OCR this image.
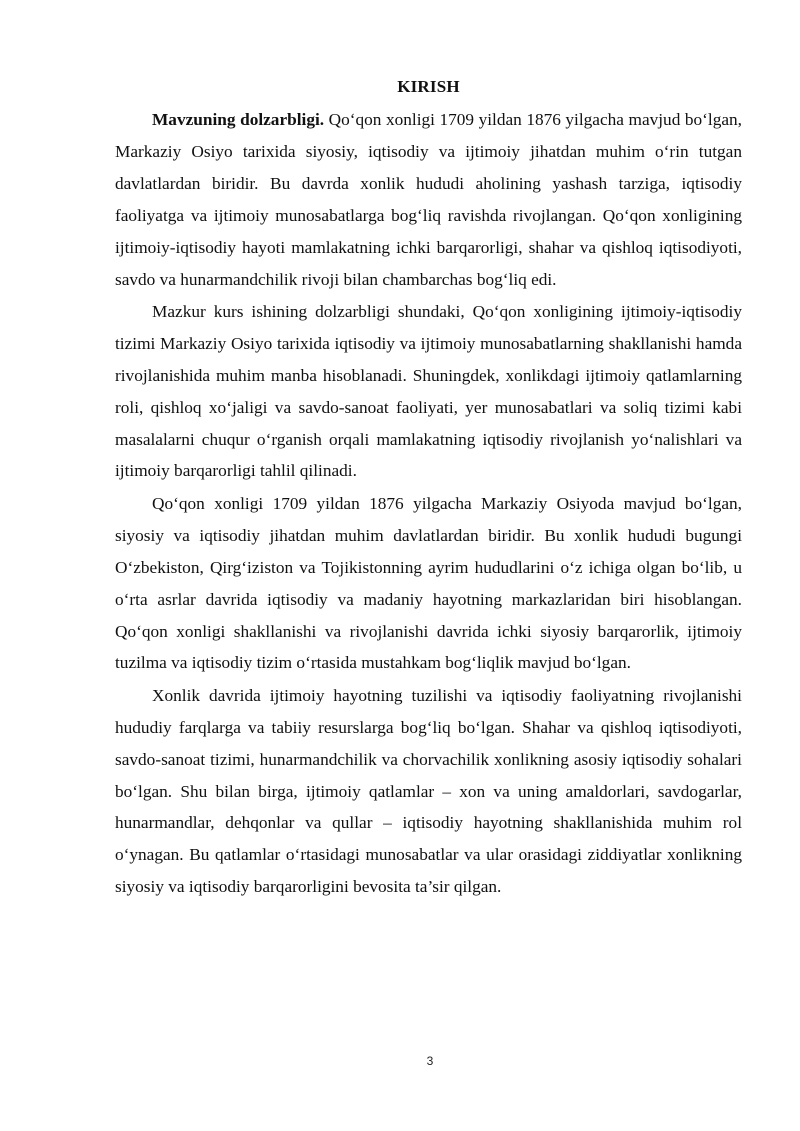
KIRISH

Mavzuning dolzarbligi. Qo‘qon xonligi 1709 yildan 1876 yilgacha mavjud bo‘lgan, Markaziy Osiyo tarixida siyosiy, iqtisodiy va ijtimoiy jihatdan muhim o‘rin tutgan davlatlardan biridir. Bu davrda xonlik hududi aholining yashash tarziga, iqtisodiy faoliyatga va ijtimoiy munosabatlarga bog‘liq ravishda rivojlangan. Qo‘qon xonligining ijtimoiy-iqtisodiy hayoti mamlakatning ichki barqarorligi, shahar va qishloq iqtisodiyoti, savdo va hunarmandchilik rivoji bilan chambarchas bog‘liq edi.

Mazkur kurs ishining dolzarbligi shundaki, Qo‘qon xonligining ijtimoiy-iqtisodiy tizimi Markaziy Osiyo tarixida iqtisodiy va ijtimoiy munosabatlarning shakllanishi hamda rivojlanishida muhim manba hisoblanadi. Shuningdek, xonlikdagi ijtimoiy qatlamlarning roli, qishloq xo‘jaligi va savdo-sanoat faoliyati, yer munosabatlari va soliq tizimi kabi masalalarni chuqur o‘rganish orqali mamlakatning iqtisodiy rivojlanish yo‘nalishlari va ijtimoiy barqarorligi tahlil qilinadi.

Qo‘qon xonligi 1709 yildan 1876 yilgacha Markaziy Osiyoda mavjud bo‘lgan, siyosiy va iqtisodiy jihatdan muhim davlatlardan biridir. Bu xonlik hududi bugungi O‘zbekiston, Qirg‘iziston va Tojikistonning ayrim hududlarini o‘z ichiga olgan bo‘lib, u o‘rta asrlar davrida iqtisodiy va madaniy hayotning markazlaridan biri hisoblangan. Qo‘qon xonligi shakllanishi va rivojlanishi davrida ichki siyosiy barqarorlik, ijtimoiy tuzilma va iqtisodiy tizim o‘rtasida mustahkam bog‘liqlik mavjud bo‘lgan.

Xonlik davrida ijtimoiy hayotning tuzilishi va iqtisodiy faoliyatning rivojlanishi hududiy farqlarga va tabiiy resurslarga bog‘liq bo‘lgan. Shahar va qishloq iqtisodiyoti, savdo-sanoat tizimi, hunarmandchilik va chorvachilik xonlikning asosiy iqtisodiy sohalari bo‘lgan. Shu bilan birga, ijtimoiy qatlamlar – xon va uning amaldorlari, savdogarlar, hunarmandlar, dehqonlar va qullar – iqtisodiy hayotning shakllanishida muhim rol o‘ynagan. Bu qatlamlar o‘rtasidagi munosabatlar va ular orasidagi ziddiyatlar xonlikning siyosiy va iqtisodiy barqarorligini bevosita ta’sir qilgan.

3
